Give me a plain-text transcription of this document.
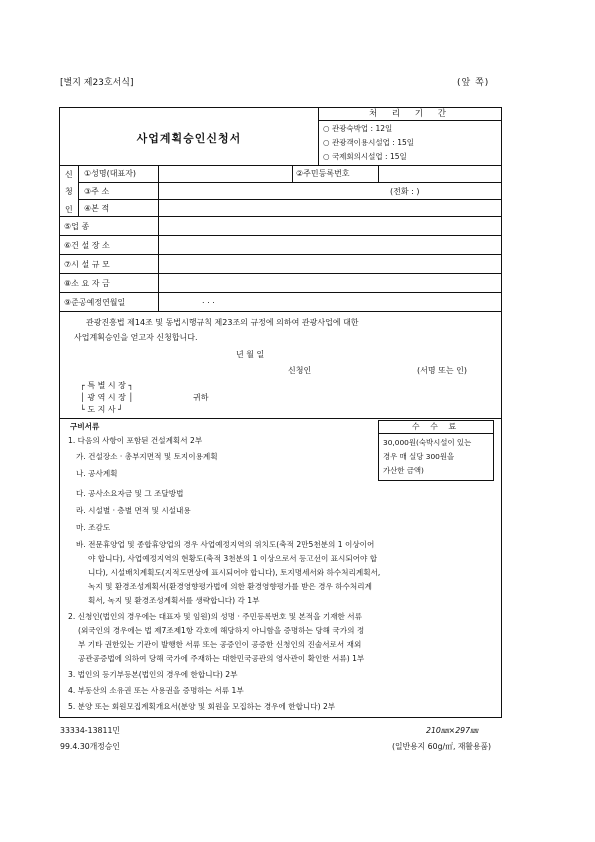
[별지 제23호서식]	(앞 쪽)
사업계획승인신청서
처 리 기 간
○ 관광숙박업 : 12일
○ 관광객이용시설업 : 15일
○ 국제회의시설업 : 15일
신
청
인
①성명(대표자)	②주민등록번호
③주 소	(전화 : )
④본 적
⑤업 종
⑥건 설 장 소
⑦시 설 규 모
⑧소 요 자 금
⑨준공예정연월일	. . .
관광진흥법 제14조 및 동법시행규칙 제23조의 규정에 의하여 관광사업에 대한
사업계획승인을 얻고자 신청합니다.
년 월 일
신청인	(서명 또는 인)
┌ 특 별 시 장 ┐
│ 광 역 시 장 │
└ 도 지 사 ┘
귀하
구비서류
1. 다음의 사항이 포함된 건설계획서 2부
가. 건설장소 · 총부지면적 및 토지이용계획
나. 공사계획
다. 공사소요자금 및 그 조달방법
라. 시설별 · 층별 면적 및 시설내용
마. 조감도
바. 전문휴양업 및 종합휴양업의 경우 사업예정지역의 위치도(축적 2만5천분의 1 이상이어
야 합니다), 사업예정지역의 현황도(축적 3천분의 1 이상으로서 등고선이 표시되어야 합
니다), 시설배치계획도(지적도면상에 표시되어야 합니다), 토지명세서와 하수처리계획서,
녹지 및 환경조성계획서(환경영향평가법에 의한 환경영향평가를 받은 경우 하수처리계
획서, 녹지 및 환경조성계획서를 생략합니다) 각 1부
2. 신청인(법인의 경우에는 대표자 및 임원)의 성명 · 주민등록번호 및 본적을 기재한 서류
(외국인의 경우에는 법 제7조제1항 각호에 해당하지 아니함을 증명하는 당해 국가의 정
부 기타 권한있는 기관이 발행한 서류 또는 공증인이 공증한 신청인의 진술서로서 재외
공관공증법에 의하여 당해 국가에 주재하는 대한민국공관의 영사관이 확인한 서류) 1부
3. 법인의 등기부등본(법인의 경우에 한합니다) 2부
4. 부동산의 소유권 또는 사용권을 증명하는 서류 1부
5. 분양 또는 회원모집계획개요서(분양 및 회원을 모집하는 경우에 한합니다) 2부
수 수 료
30,000원(숙박시설이 있는
경우 매 실당 300원을
가산한 금액)
33334-13811민	210㎜×297㎜
99.4.30개정승인	(일반용지 60g/㎡, 재활용품)
